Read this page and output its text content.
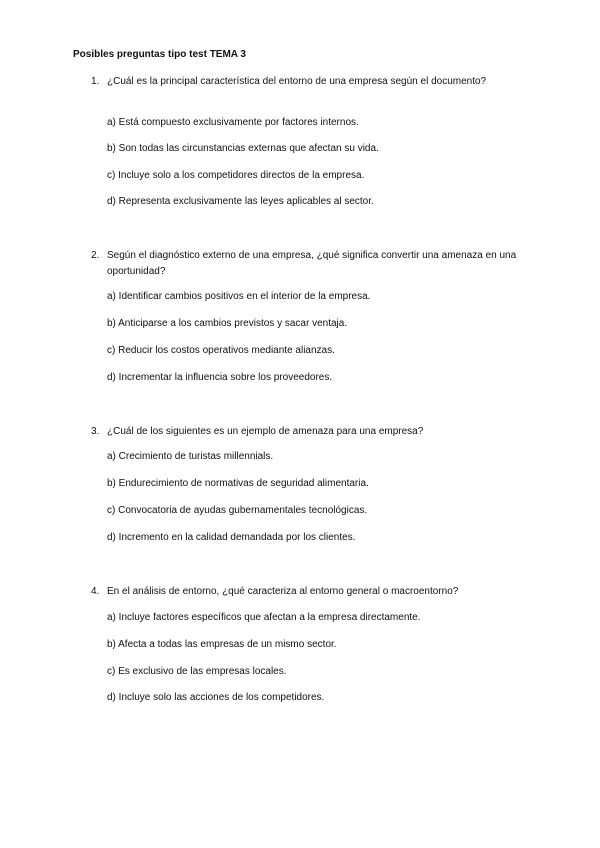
Posibles preguntas tipo test TEMA 3
1. ¿Cuál es la principal característica del entorno de una empresa según el documento?
a) Está compuesto exclusivamente por factores internos.
b) Son todas las circunstancias externas que afectan su vida.
c) Incluye solo a los competidores directos de la empresa.
d) Representa exclusivamente las leyes aplicables al sector.
2. Según el diagnóstico externo de una empresa, ¿qué significa convertir una amenaza en una oportunidad?
a) Identificar cambios positivos en el interior de la empresa.
b) Anticiparse a los cambios previstos y sacar ventaja.
c) Reducir los costos operativos mediante alianzas.
d) Incrementar la influencia sobre los proveedores.
3. ¿Cuál de los siguientes es un ejemplo de amenaza para una empresa?
a) Crecimiento de turistas millennials.
b) Endurecimiento de normativas de seguridad alimentaria.
c) Convocatoria de ayudas gubernamentales tecnológicas.
d) Incremento en la calidad demandada por los clientes.
4. En el análisis de entorno, ¿qué caracteriza al entorno general o macroentorno?
a) Incluye factores específicos que afectan a la empresa directamente.
b) Afecta a todas las empresas de un mismo sector.
c) Es exclusivo de las empresas locales.
d) Incluye solo las acciones de los competidores.
